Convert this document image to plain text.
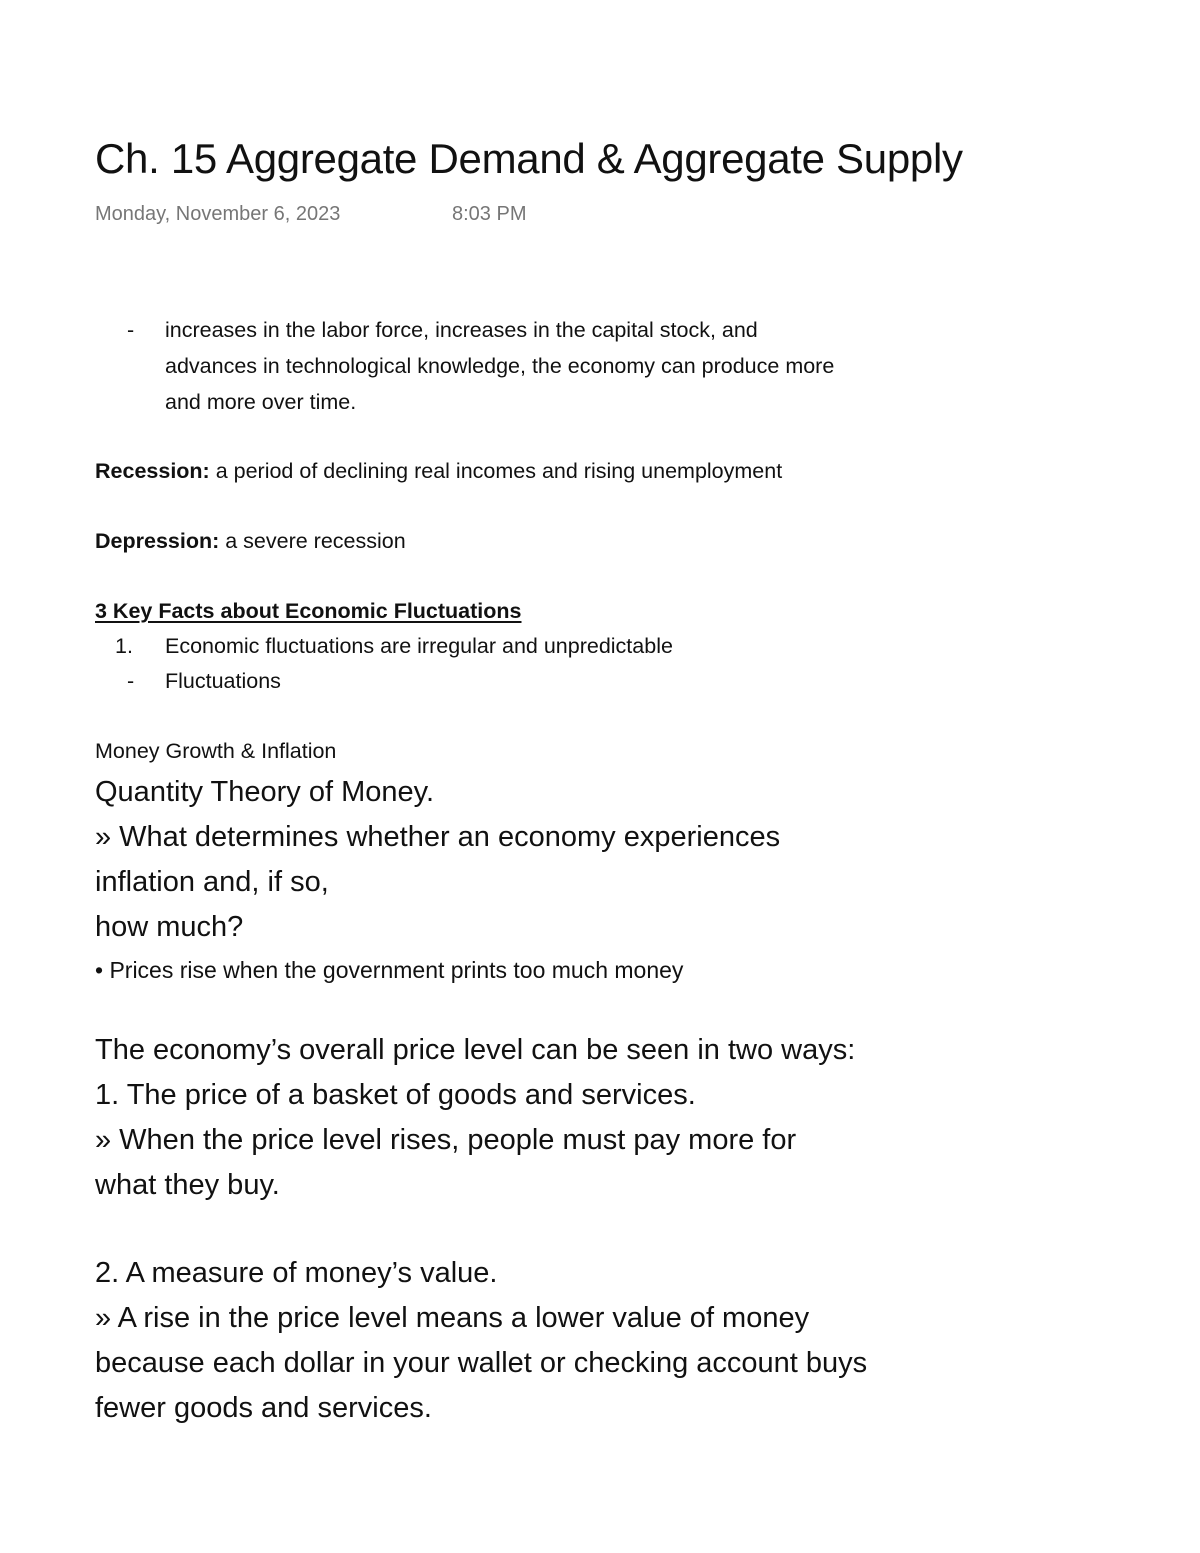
Ch. 15 Aggregate Demand & Aggregate Supply
Monday, November 6, 2023	8:03 PM
-	increases in the labor force, increases in the capital stock, and
advances in technological knowledge, the economy can produce more
and more over time.
Recession: a period of declining real incomes and rising unemployment
Depression: a severe recession
3 Key Facts about Economic Fluctuations
1.	Economic fluctuations are irregular and unpredictable
-	Fluctuations
Money Growth & Inflation
Quantity Theory of Money.
» What determines whether an economy experiences
inflation and, if so,
how much?
• Prices rise when the government prints too much money
The economy’s overall price level can be seen in two ways:
1. The price of a basket of goods and services.
» When the price level rises, people must pay more for
what they buy.
2. A measure of money’s value.
» A rise in the price level means a lower value of money
because each dollar in your wallet or checking account buys
fewer goods and services.
